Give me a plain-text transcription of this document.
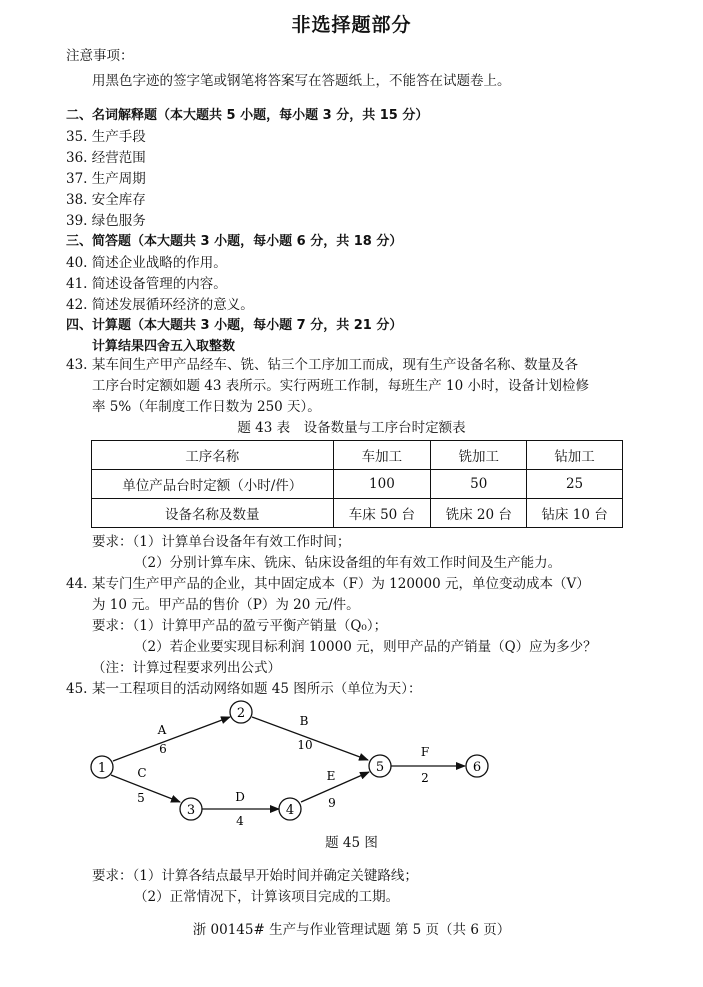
非选择题部分
注意事项：
用黑色字迹的签字笔或钢笔将答案写在答题纸上，不能答在试题卷上。
二、名词解释题（本大题共 5 小题，每小题 3 分，共 15 分）
35. 生产手段
36. 经营范围
37. 生产周期
38. 安全库存
39. 绿色服务
三、简答题（本大题共 3 小题，每小题 6 分，共 18 分）
40. 简述企业战略的作用。
41. 简述设备管理的内容。
42. 简述发展循环经济的意义。
四、计算题（本大题共 3 小题，每小题 7 分，共 21 分）
计算结果四舍五入取整数
43. 某车间生产甲产品经车、铣、钻三个工序加工而成，现有生产设备名称、数量及各
工序台时定额如题 43 表所示。实行两班工作制，每班生产 10 小时，设备计划检修
率 5%（年制度工作日数为 250 天）。
题 43 表　设备数量与工序台时定额表
工序名称	车加工	铣加工	钻加工
单位产品台时定额（小时/件）	100	50	25
设备名称及数量	车床 50 台	铣床 20 台	钻床 10 台
要求：（1）计算单台设备年有效工作时间；
（2）分别计算车床、铣床、钻床设备组的年有效工作时间及生产能力。
44. 某专门生产甲产品的企业，其中固定成本（F）为 120000 元，单位变动成本（V）
为 10 元。甲产品的售价（P）为 20 元/件。
要求：（1）计算甲产品的盈亏平衡产销量（Q₀）；
（2）若企业要实现目标利润 10000 元，则甲产品的产销量（Q）应为多少？
（注：计算过程要求列出公式）
45. 某一工程项目的活动网络如题 45 图所示（单位为天）：
1
2
3	4
5	6
A
B
C
D
E
F
6	10
5
4
9
2
题 45 图
要求：（1）计算各结点最早开始时间并确定关键路线；
（2）正常情况下，计算该项目完成的工期。
浙 00145# 生产与作业管理试题 第 5 页（共 6 页）
